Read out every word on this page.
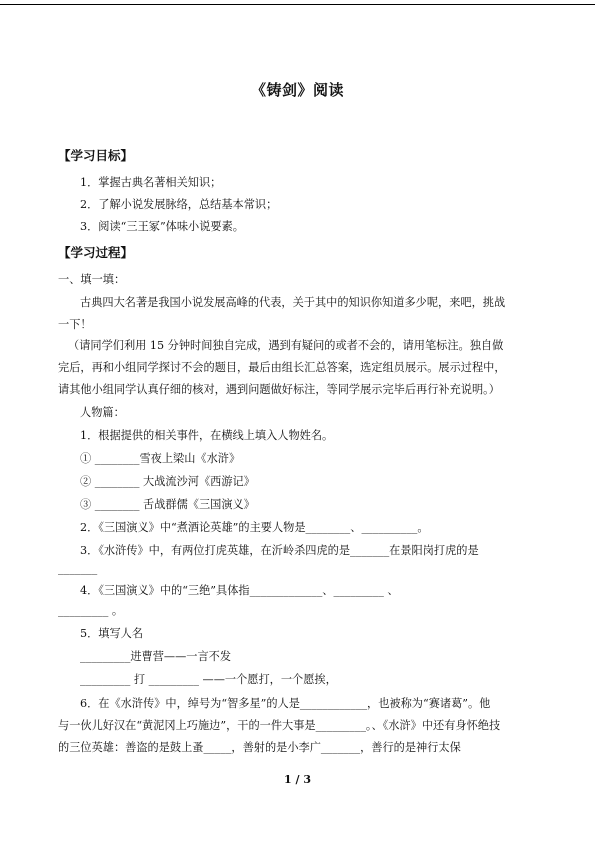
《铸剑》阅读
【学习目标】
1．掌握古典名著相关知识；
2．了解小说发展脉络，总结基本常识；
3．阅读“三王冢”体味小说要素。
【学习过程】
一、填一填：
古典四大名著是我国小说发展高峰的代表，关于其中的知识你知道多少呢，来吧，挑战
一下！
（请同学们利用 15 分钟时间独自完成，遇到有疑问的或者不会的，请用笔标注。独自做
完后，再和小组同学探讨不会的题目，最后由组长汇总答案，选定组员展示。展示过程中，
请其他小组同学认真仔细的核对，遇到问题做好标注，等同学展示完毕后再行补充说明。）
人物篇：
1．根据提供的相关事件，在横线上填入人物姓名。
① ________雪夜上梁山《水浒》
② ________ 大战流沙河《西游记》
③ ________ 舌战群儒《三国演义》
2．《三国演义》中“煮酒论英雄”的主要人物是________、__________。
3．《水浒传》中，有两位打虎英雄，在沂岭杀四虎的是_______在景阳岗打虎的是
_______
4．《三国演义》中的“三绝”具体指_____________、_________ 、
_________ 。
5．填写人名
_________进曹营——一言不发
_________ 打 _________ ——一个愿打，一个愿挨，
6．在《水浒传》中，绰号为“智多星”的人是____________，也被称为“赛诸葛”。他
与一伙儿好汉在“黄泥冈上巧施边”，干的一件大事是_________。、《水浒》中还有身怀绝技
的三位英雄：善盗的是鼓上蚤_____，善射的是小李广_______，善行的是神行太保
1 / 3
